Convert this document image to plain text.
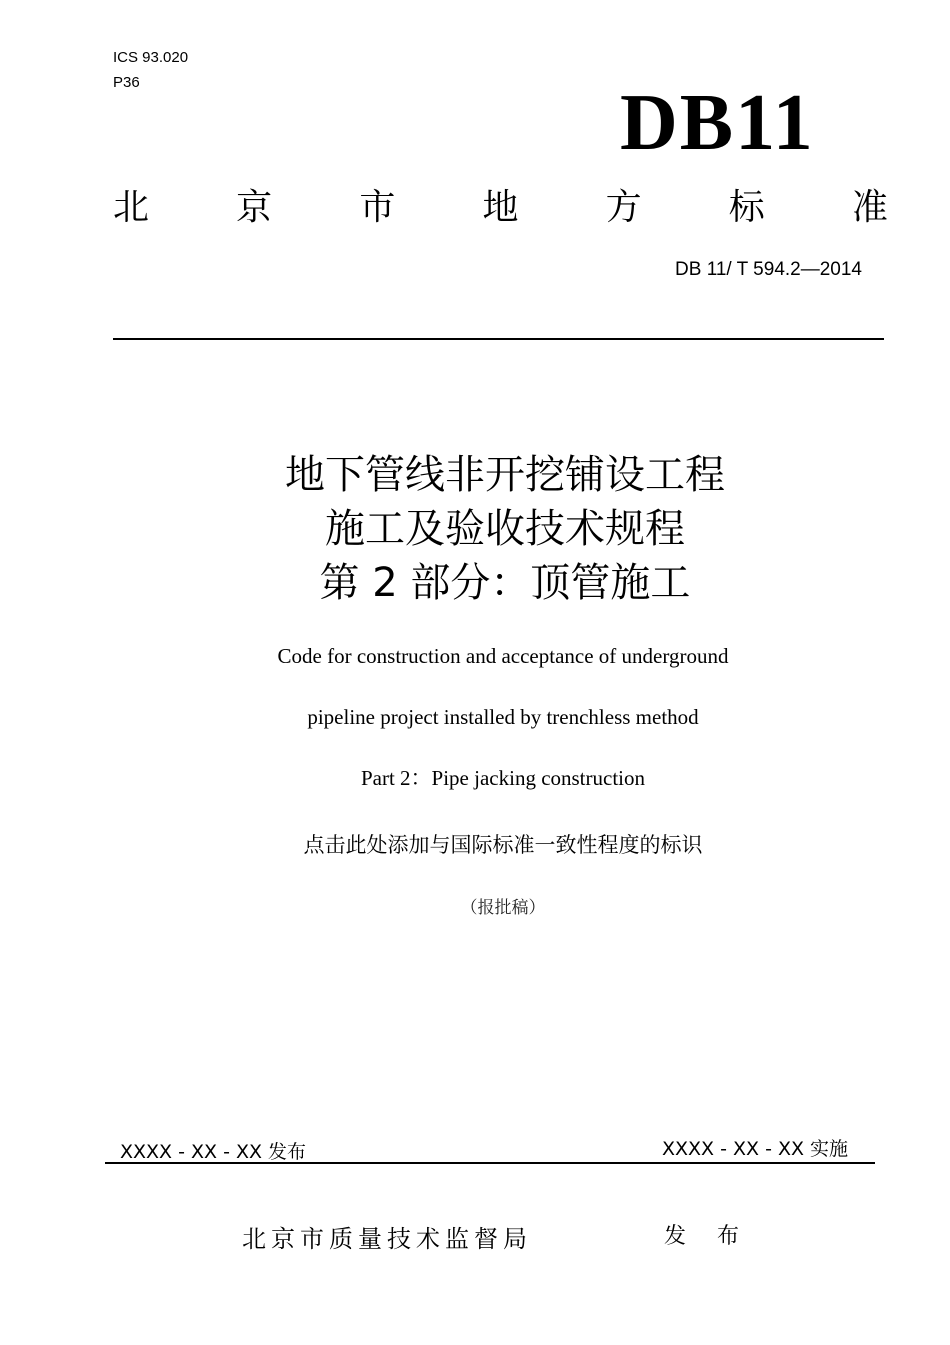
ICS 93.020
P36	DB11
北 京 市 地 方 标 准
DB 11/ T 594.2—2014
地下管线非开挖铺设工程
施工及验收技术规程
第 2 部分：顶管施工
Code for construction and acceptance of underground
pipeline project installed by trenchless method
Part 2：Pipe jacking construction
点击此处添加与国际标准一致性程度的标识
（报批稿）
XXXX - XX - XX 发布	XXXX - XX - XX 实施
北京市质量技术监督局	发 布
